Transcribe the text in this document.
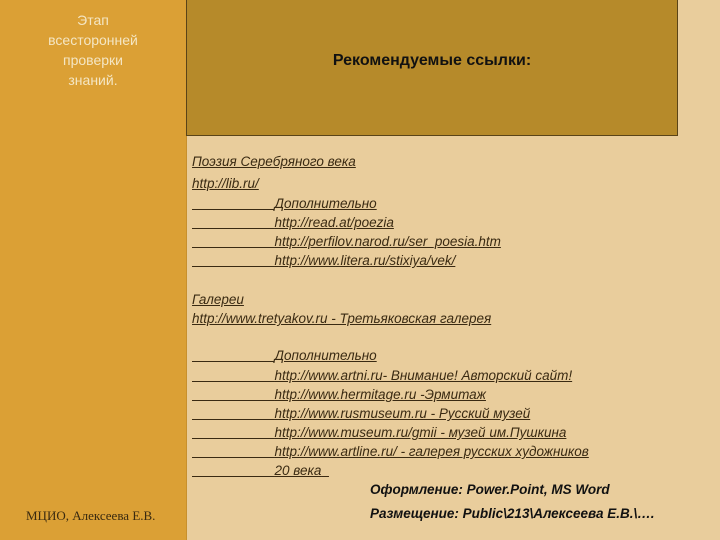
Этап
всесторонней
проверки
знаний.
МЦИО, Алексеева Е.В.
Рекомендуемые ссылки:
Поэзия Серебряного века
http://lib.ru/
Дополнительно
http://read.at/poezia
http://perfilov.narod.ru/ser_poesia.htm
http://www.litera.ru/stixiya/vek/
Галереи
http://www.tretyakov.ru - Третьяковская галерея
Дополнительно
http://www.artni.ru- Внимание! Авторский сайт!
http://www.hermitage.ru -Эрмитаж
http://www.rusmuseum.ru - Русский музей
http://www.museum.ru/gmii - музей им.Пушкина
http://www.artline.ru/ - галерея русских художников
20 века
Оформление: Power.Point, MS Word
Размещение: Public\213\Алексеева Е.В.\….
